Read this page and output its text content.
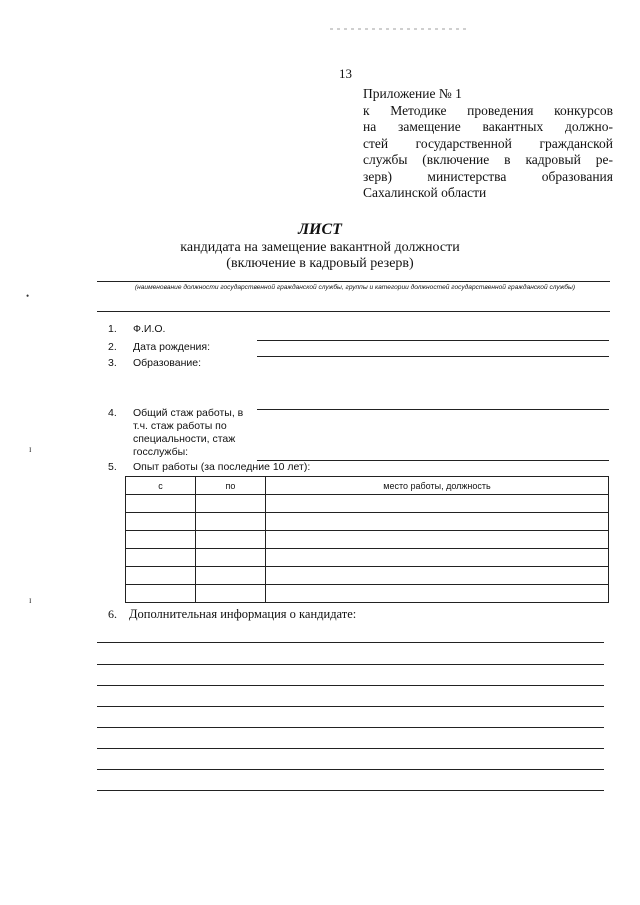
13
Приложение № 1
к Методике проведения конкурсов
на замещение вакантных должно-
стей государственной гражданской
службы (включение в кадровый ре-
зерв) министерства образования
Сахалинской области
ЛИСТ
кандидата на замещение вакантной должности
(включение в кадровый резерв)
(наименование должности государственной гражданской службы, группы и категории должностей государственной гражданской службы)
•
ɪ
ɪ
1. Ф.И.О.
2. Дата рождения:
3. Образование:
4. Общий стаж работы, в
т.ч. стаж работы по
специальности, стаж
госслужбы:
5. Опыт работы (за последние 10 лет):
с	по	место работы, должность

6. Дополнительная информация о кандидате:
